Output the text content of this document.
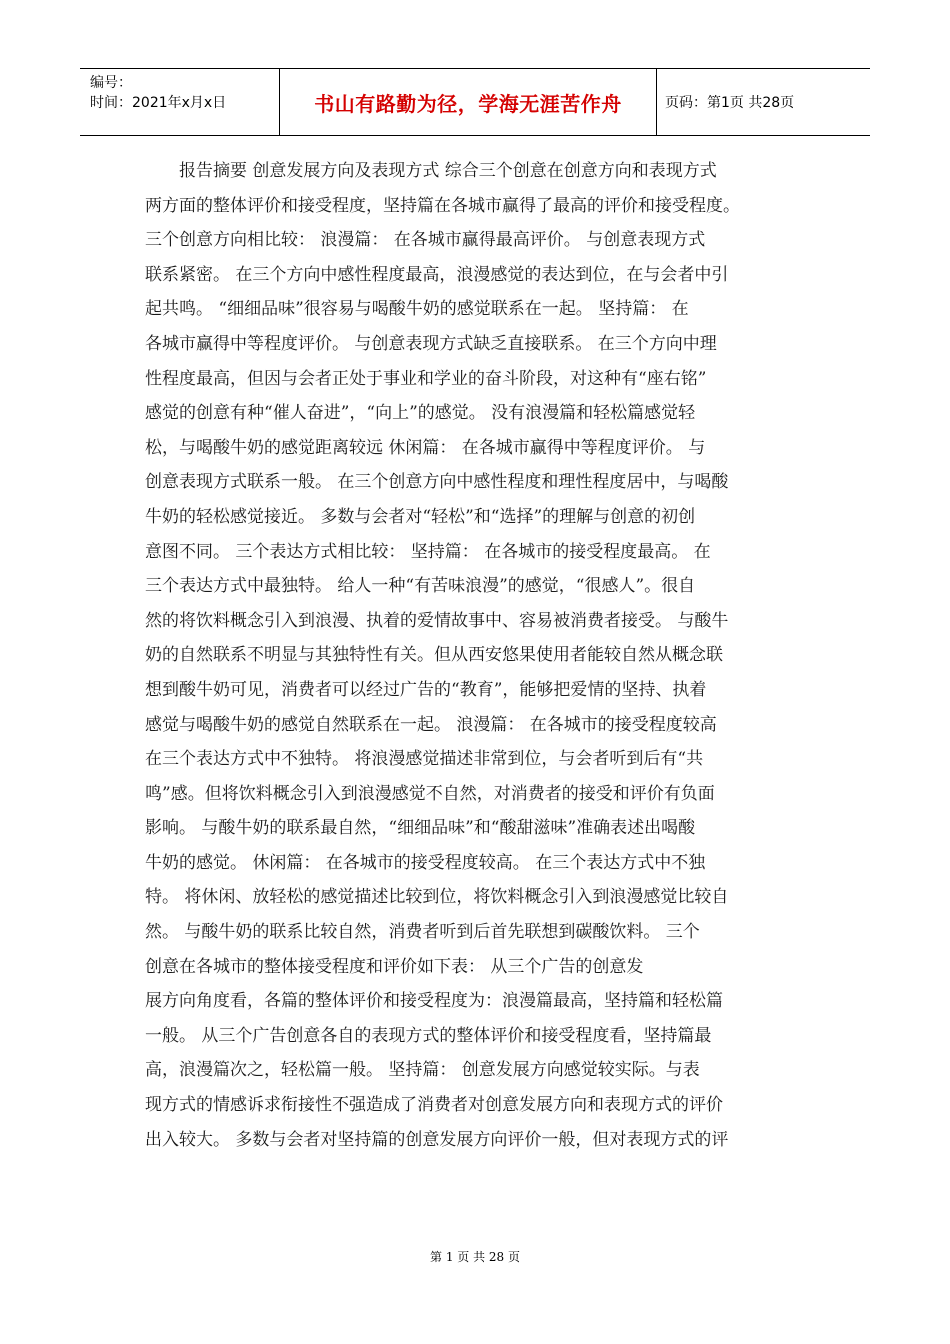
编号：
时间：2021年x月x日	书山有路勤为径，学海无涯苦作舟	页码：第1页 共28页
　　报告摘要 创意发展方向及表现方式 综合三个创意在创意方向和表现方式
两方面的整体评价和接受程度，坚持篇在各城市赢得了最高的评价和接受程度。
三个创意方向相比较： 浪漫篇： 在各城市赢得最高评价。 与创意表现方式
联系紧密。 在三个方向中感性程度最高，浪漫感觉的表达到位，在与会者中引
起共鸣。 “细细品味”很容易与喝酸牛奶的感觉联系在一起。 坚持篇： 在
各城市赢得中等程度评价。 与创意表现方式缺乏直接联系。 在三个方向中理
性程度最高，但因与会者正处于事业和学业的奋斗阶段，对这种有“座右铭”
感觉的创意有种“催人奋进”，“向上”的感觉。 没有浪漫篇和轻松篇感觉轻
松，与喝酸牛奶的感觉距离较远 休闲篇： 在各城市赢得中等程度评价。 与
创意表现方式联系一般。 在三个创意方向中感性程度和理性程度居中，与喝酸
牛奶的轻松感觉接近。 多数与会者对“轻松”和“选择”的理解与创意的初创
意图不同。 三个表达方式相比较： 坚持篇： 在各城市的接受程度最高。 在
三个表达方式中最独特。 给人一种“有苦味浪漫”的感觉，“很感人”。很自
然的将饮料概念引入到浪漫、执着的爱情故事中、容易被消费者接受。 与酸牛
奶的自然联系不明显与其独特性有关。但从西安悠果使用者能较自然从概念联
想到酸牛奶可见，消费者可以经过广告的“教育”，能够把爱情的坚持、执着
感觉与喝酸牛奶的感觉自然联系在一起。 浪漫篇： 在各城市的接受程度较高
在三个表达方式中不独特。 将浪漫感觉描述非常到位，与会者听到后有“共
鸣”感。但将饮料概念引入到浪漫感觉不自然，对消费者的接受和评价有负面
影响。 与酸牛奶的联系最自然，“细细品味”和“酸甜滋味”准确表述出喝酸
牛奶的感觉。 休闲篇： 在各城市的接受程度较高。 在三个表达方式中不独
特。 将休闲、放轻松的感觉描述比较到位，将饮料概念引入到浪漫感觉比较自
然。 与酸牛奶的联系比较自然，消费者听到后首先联想到碳酸饮料。 三个
创意在各城市的整体接受程度和评价如下表： 从三个广告的创意发
展方向角度看，各篇的整体评价和接受程度为：浪漫篇最高，坚持篇和轻松篇
一般。 从三个广告创意各自的表现方式的整体评价和接受程度看，坚持篇最
高，浪漫篇次之，轻松篇一般。 坚持篇： 创意发展方向感觉较实际。与表
现方式的情感诉求衔接性不强造成了消费者对创意发展方向和表现方式的评价
出入较大。 多数与会者对坚持篇的创意发展方向评价一般，但对表现方式的评
第 1 页 共 28 页
